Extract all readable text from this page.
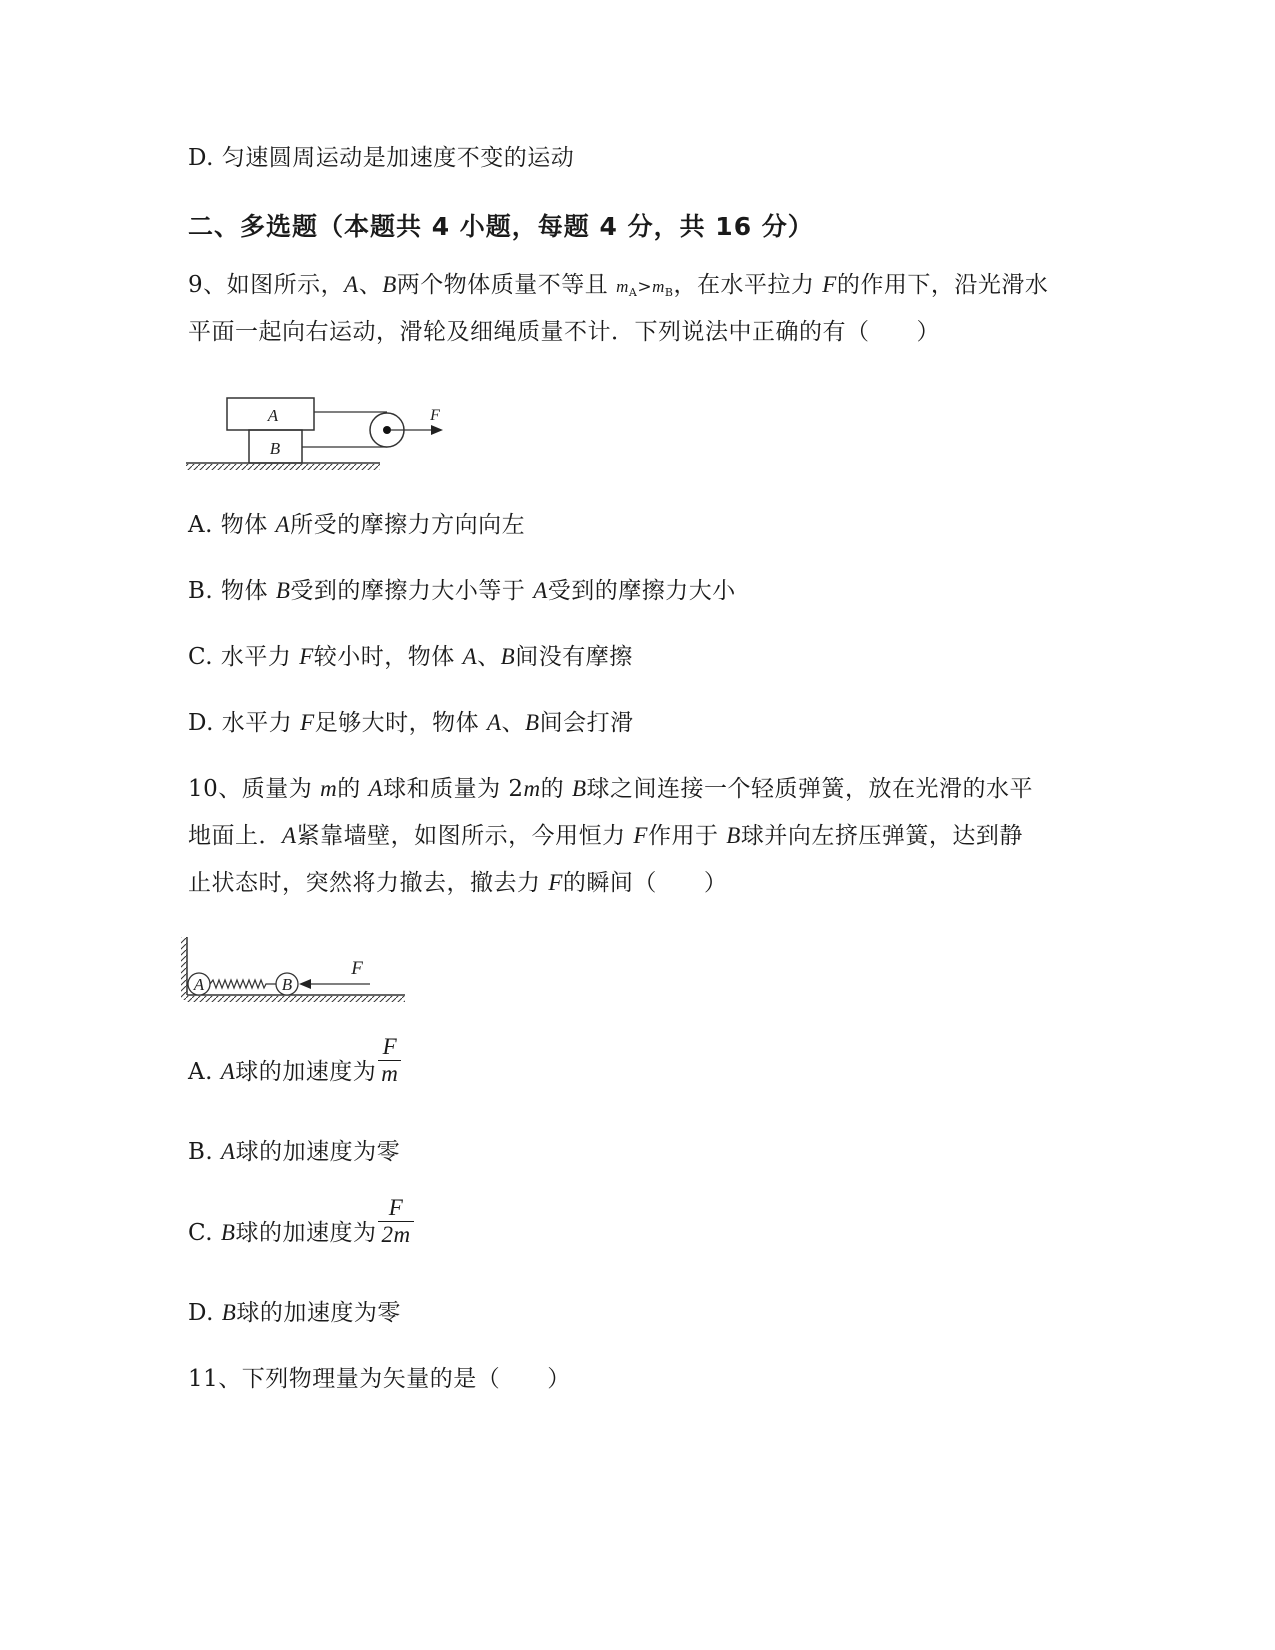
D. 匀速圆周运动是加速度不变的运动
二、多选题（本题共 4 小题，每题 4 分，共 16 分）
9、如图所示，A、B两个物体质量不等且 $m_A>m_B$，在水平拉力 F的作用下，沿光滑水
平面一起向右运动，滑轮及细绳质量不计．下列说法中正确的有（　　）
A
B
F
A. 物体 A所受的摩擦力方向向左
B. 物体 B受到的摩擦力大小等于 A受到的摩擦力大小
C. 水平力 F较小时，物体 A、B间没有摩擦
D. 水平力 F足够大时，物体 A、B间会打滑
10、质量为 m的 A球和质量为 2m的 B球之间连接一个轻质弹簧，放在光滑的水平
地面上．A紧靠墙壁，如图所示，今用恒力 F作用于 B球并向左挤压弹簧，达到静
止状态时，突然将力撤去，撤去力 F的瞬间（　　）
A	B
F
A. A球的加速度为 $\frac{F}{m}$
B. A球的加速度为零
C. B球的加速度为 $\frac{F}{2m}$
D. B球的加速度为零
11、下列物理量为矢量的是（　　）
